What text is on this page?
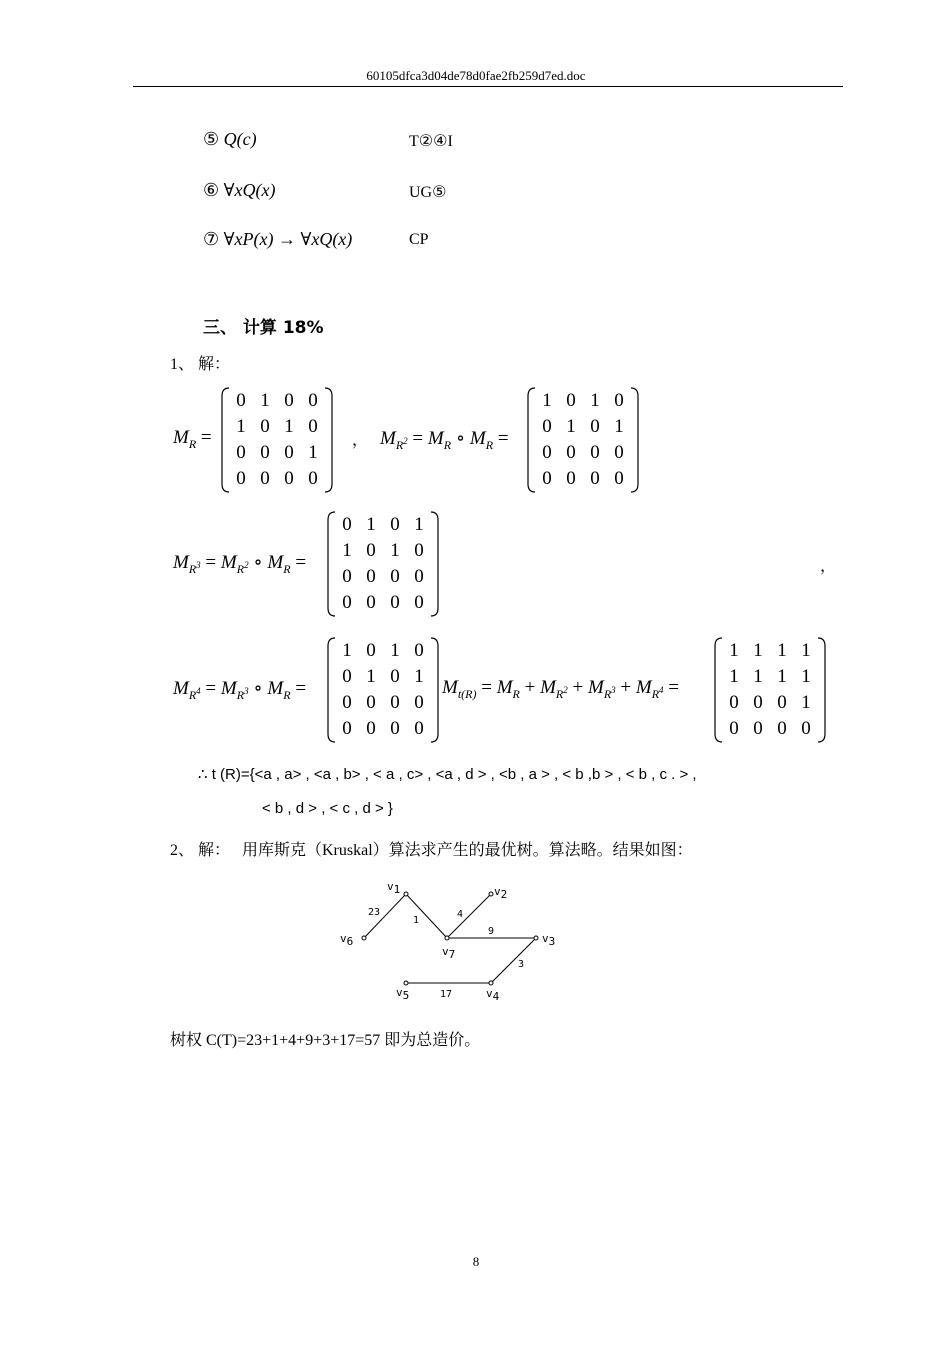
60105dfca3d04de78d0fae2fb259d7ed.doc
⑤ Q(c)	T②④I
⑥ ∀xQ(x)	UG⑤
⑦ ∀xP(x) → ∀xQ(x)	CP
三、 计算 18%
1、 解：
$M_R$ =
0 1 0 0
1 0 1 0
0 0 0 1
0 0 0 0
， $M_{R^2} = M_R$ ∘ $M_R$ =
1 0 1 0
0 1 0 1
0 0 0 0
0 0 0 0
$M_{R^3} = M_{R^2}$ ∘ $M_R$ =
0 1 0 1
1 0 1 0
0 0 0 0
0 0 0 0
，
$M_{R^4} = M_{R^3}$ ∘ $M_R$ =
1 0 1 0
0 1 0 1
0 0 0 0
0 0 0 0
$M_{t(R)} = M_R + M_{R^2} + M_{R^3} + M_{R^4}$ =
1 1 1 1
1 1 1 1
0 0 0 1
0 0 0 0
∴ t (R)={<a , a> , <a , b> , < a , c> , <a , d > , <b , a > , < b ,b > , < b , c . > ,
< b , d > , < c , d > }
2、 解： 用库斯克（Kruskal）算法求产生的最优树。算法略。结果如图：
v1	v2
v3
v4
v5
v6
v7
23
1
4
9
3
17
树权 C(T)=23+1+4+9+3+17=57 即为总造价。
8
